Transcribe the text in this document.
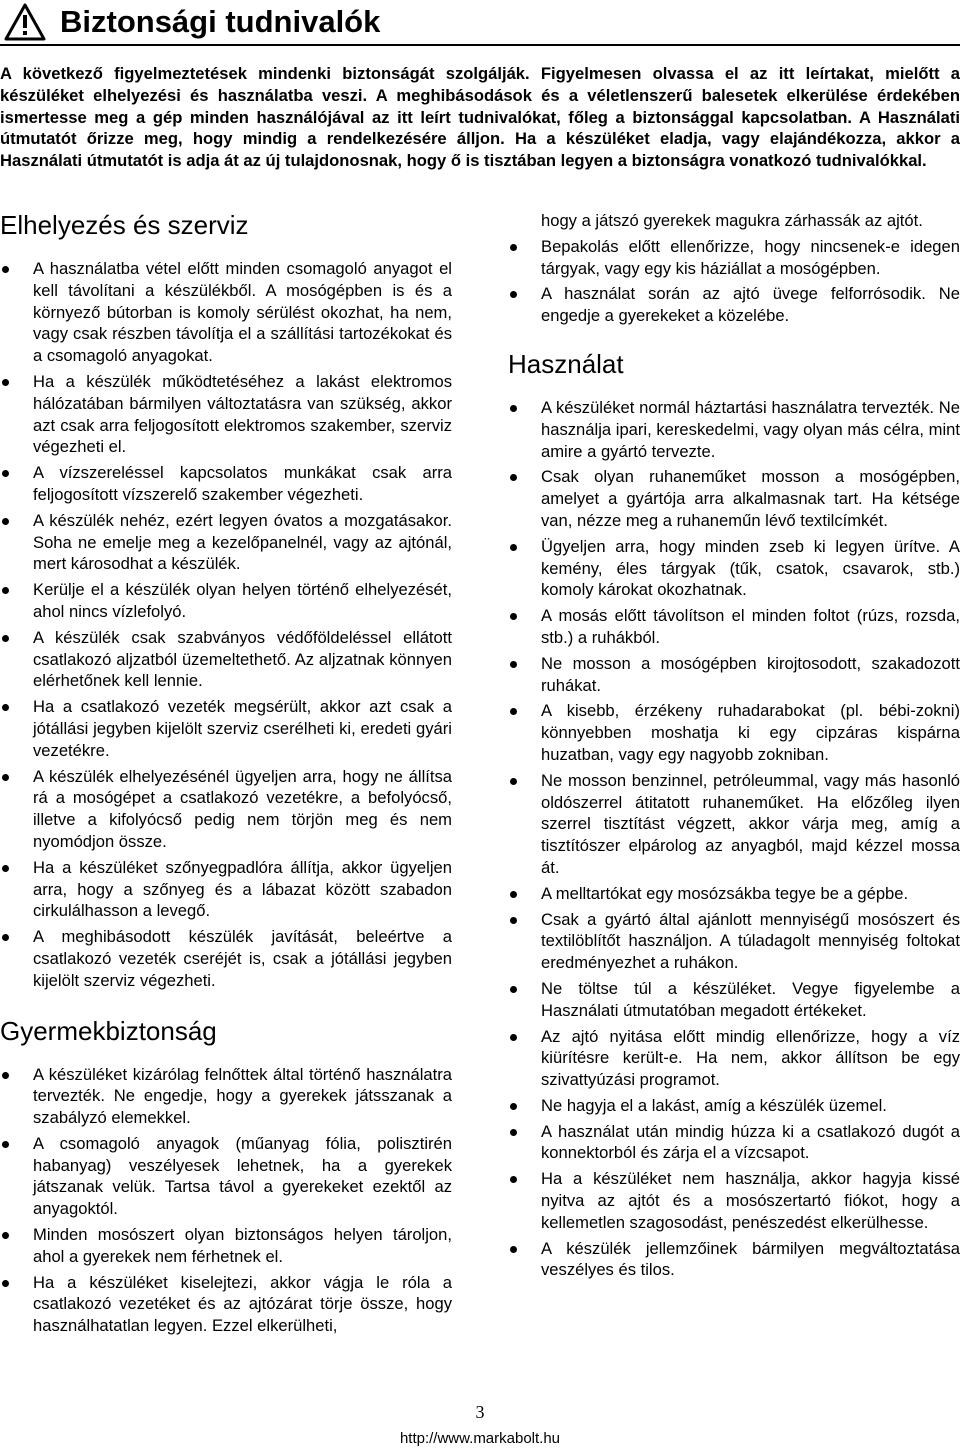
Biztonsági tudnivalók

A következő figyelmeztetések mindenki biztonságát szolgálják. Figyelmesen olvassa el az itt leírtakat, mielőtt a készüléket elhelyezési és használatba veszi. A meghibásodások és a véletlenszerű balesetek elkerülése érdekében ismertesse meg a gép minden használójával az itt leírt tudnivalókat, főleg a biztonsággal kapcsolatban. A Használati útmutatót őrizze meg, hogy mindig a rendelkezésére álljon. Ha a készüléket eladja, vagy elajándékozza, akkor a Használati útmutatót is adja át az új tulajdonosnak, hogy ő is tisztában legyen a biztonságra vonatkozó tudnivalókkal.

Elhelyezés és szerviz
A használatba vétel előtt minden csomagoló anyagot el kell távolítani a készülékből. A mosógépben is és a környező bútorban is komoly sérülést okozhat, ha nem, vagy csak részben távolítja el a szállítási tartozékokat és a csomagoló anyagokat.
Ha a készülék működtetéséhez a lakást elektromos hálózatában bármilyen változtatásra van szükség, akkor azt csak arra feljogosított elektromos szakember, szerviz végezheti el.
A vízszereléssel kapcsolatos munkákat csak arra feljogosított vízszerelő szakember végezheti.
A készülék nehéz, ezért legyen óvatos a mozgatásakor. Soha ne emelje meg a kezelőpanelnél, vagy az ajtónál, mert károsodhat a készülék.
Kerülje el a készülék olyan helyen történő elhelyezését, ahol nincs vízlefolyó.
A készülék csak szabványos védőföldeléssel ellátott csatlakozó aljzatból üzemeltethető. Az aljzatnak könnyen elérhetőnek kell lennie.
Ha a csatlakozó vezeték megsérült, akkor azt csak a jótállási jegyben kijelölt szerviz cserélheti ki, eredeti gyári vezetékre.
A készülék elhelyezésénél ügyeljen arra, hogy ne állítsa rá a mosógépet a csatlakozó vezetékre, a befolyócső, illetve a kifolyócső pedig nem törjön meg és nem nyomódjon össze.
Ha a készüléket szőnyegpadlóra állítja, akkor ügyeljen arra, hogy a szőnyeg és a lábazat között szabadon cirkulálhasson a levegő.
A meghibásodott készülék javítását, beleértve a csatlakozó vezeték cseréjét is, csak a jótállási jegyben kijelölt szerviz végezheti.
Gyermekbiztonság
A készüléket kizárólag felnőttek által történő használatra tervezték. Ne engedje, hogy a gyerekek játsszanak a szabályzó elemekkel.
A csomagoló anyagok (műanyag fólia, polisztirén habanyag) veszélyesek lehetnek, ha a gyerekek játszanak velük. Tartsa távol a gyerekeket ezektől az anyagoktól.
Minden mosószert olyan biztonságos helyen tároljon, ahol a gyerekek nem férhetnek el.
Ha a készüléket kiselejtezi, akkor vágja le róla a csatlakozó vezetéket és az ajtózárat törje össze, hogy használhatatlan legyen. Ezzel elkerülheti,
hogy a játszó gyerekek magukra zárhassák az ajtót.
Bepakolás előtt ellenőrizze, hogy nincsenek-e idegen tárgyak, vagy egy kis háziállat a mosógépben.
A használat során az ajtó üvege felforrósodik. Ne engedje a gyerekeket a közelébe.
Használat
A készüléket normál háztartási használatra tervezték. Ne használja ipari, kereskedelmi, vagy olyan más célra, mint amire a gyártó tervezte.
Csak olyan ruhaneműket mosson a mosógépben, amelyet a gyártója arra alkalmasnak tart. Ha kétsége van, nézze meg a ruhaneműn lévő textilcímkét.
Ügyeljen arra, hogy minden zseb ki legyen ürítve. A kemény, éles tárgyak (tűk, csatok, csavarok, stb.) komoly károkat okozhatnak.
A mosás előtt távolítson el minden foltot (rúzs, rozsda, stb.) a ruhákból.
Ne mosson a mosógépben kirojtosodott, szakadozott ruhákat.
A kisebb, érzékeny ruhadarabokat (pl. bébi-zokni) könnyebben moshatja ki egy cipzáras kispárna huzatban, vagy egy nagyobb zokniban.
Ne mosson benzinnel, petróleummal, vagy más hasonló oldószerrel átitatott ruhaneműket. Ha előzőleg ilyen szerrel tisztítást végzett, akkor várja meg, amíg a tisztítószer elpárolog az anyagból, majd kézzel mossa át.
A melltartókat egy mosózsákba tegye be a gépbe.
Csak a gyártó által ajánlott mennyiségű mosószert és textilöblítőt használjon. A túladagolt mennyiség foltokat eredményezhet a ruhákon.
Ne töltse túl a készüléket. Vegye figyelembe a Használati útmutatóban megadott értékeket.
Az ajtó nyitása előtt mindig ellenőrizze, hogy a víz kiürítésre került-e. Ha nem, akkor állítson be egy szivattyúzási programot.
Ne hagyja el a lakást, amíg a készülék üzemel.
A használat után mindig húzza ki a csatlakozó dugót a konnektorból és zárja el a vízcsapot.
Ha a készüléket nem használja, akkor hagyja kissé nyitva az ajtót és a mosószertartó fiókot, hogy a kellemetlen szagosodást, penészedést elkerülhesse.
A készülék jellemzőinek bármilyen megváltoztatása veszélyes és tilos.
3
http://www.markabolt.hu
